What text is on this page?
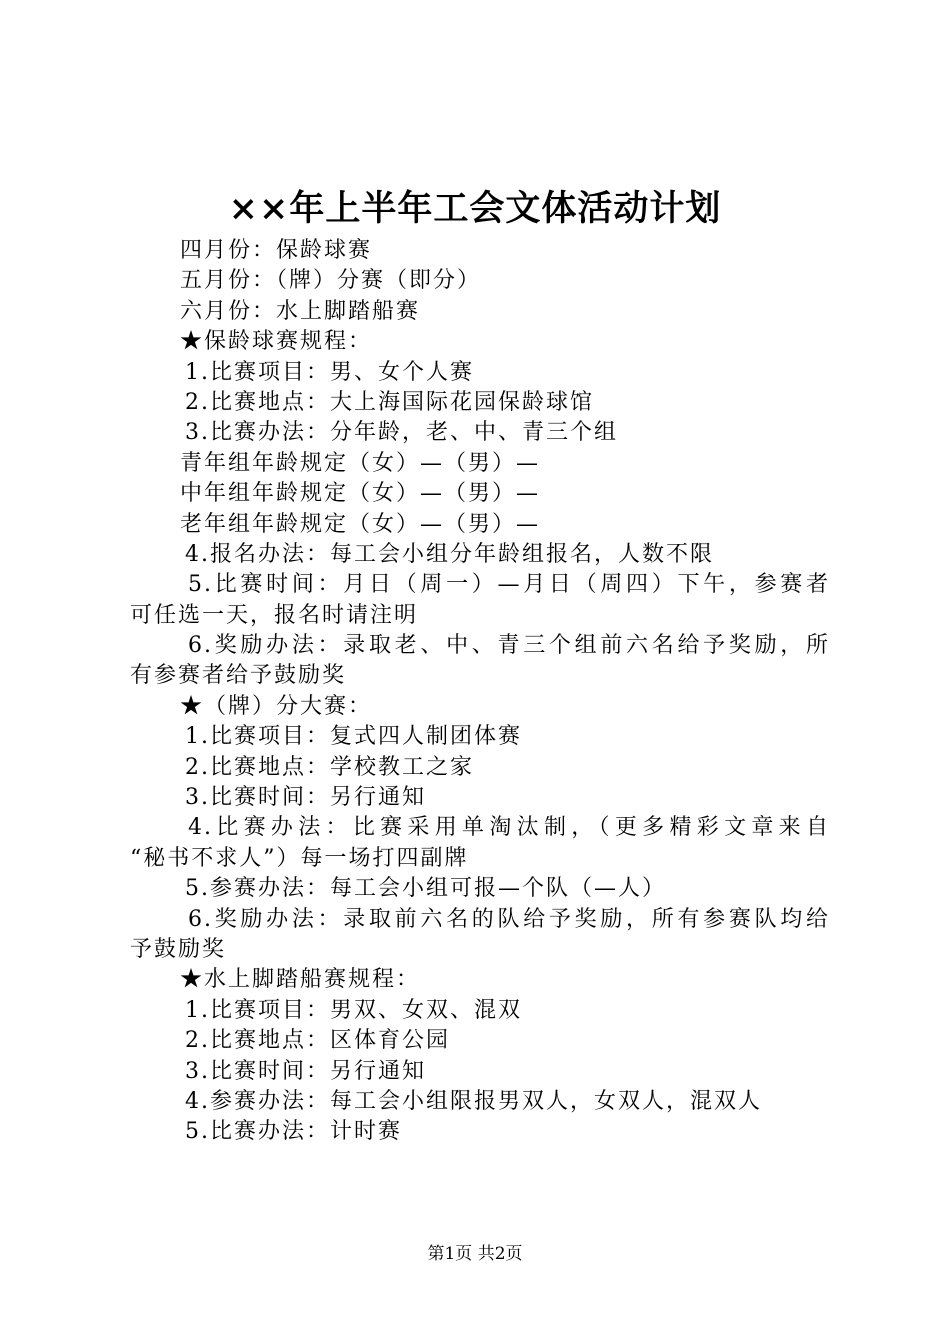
××年上半年工会文体活动计划
四月份：保龄球赛
五月份：（牌）分赛（即分）
六月份：水上脚踏船赛
★保龄球赛规程：
1.比赛项目：男、女个人赛
2.比赛地点：大上海国际花园保龄球馆
3.比赛办法：分年龄，老、中、青三个组
青年组年龄规定（女）—（男）—
中年组年龄规定（女）—（男）—
老年组年龄规定（女）—（男）—
4.报名办法：每工会小组分年龄组报名，人数不限
5.比赛时间：月日（周一）—月日（周四）下午，参赛者
可任选一天，报名时请注明
6.奖励办法：录取老、中、青三个组前六名给予奖励，所
有参赛者给予鼓励奖
★（牌）分大赛：
1.比赛项目：复式四人制团体赛
2.比赛地点：学校教工之家
3.比赛时间：另行通知
4.比赛办法：比赛采用单淘汰制，（更多精彩文章来自
“秘书不求人”）每一场打四副牌
5.参赛办法：每工会小组可报—个队（—人）
6.奖励办法：录取前六名的队给予奖励，所有参赛队均给
予鼓励奖
★水上脚踏船赛规程：
1.比赛项目：男双、女双、混双
2.比赛地点：区体育公园
3.比赛时间：另行通知
4.参赛办法：每工会小组限报男双人，女双人，混双人
5.比赛办法：计时赛
第1页 共2页
